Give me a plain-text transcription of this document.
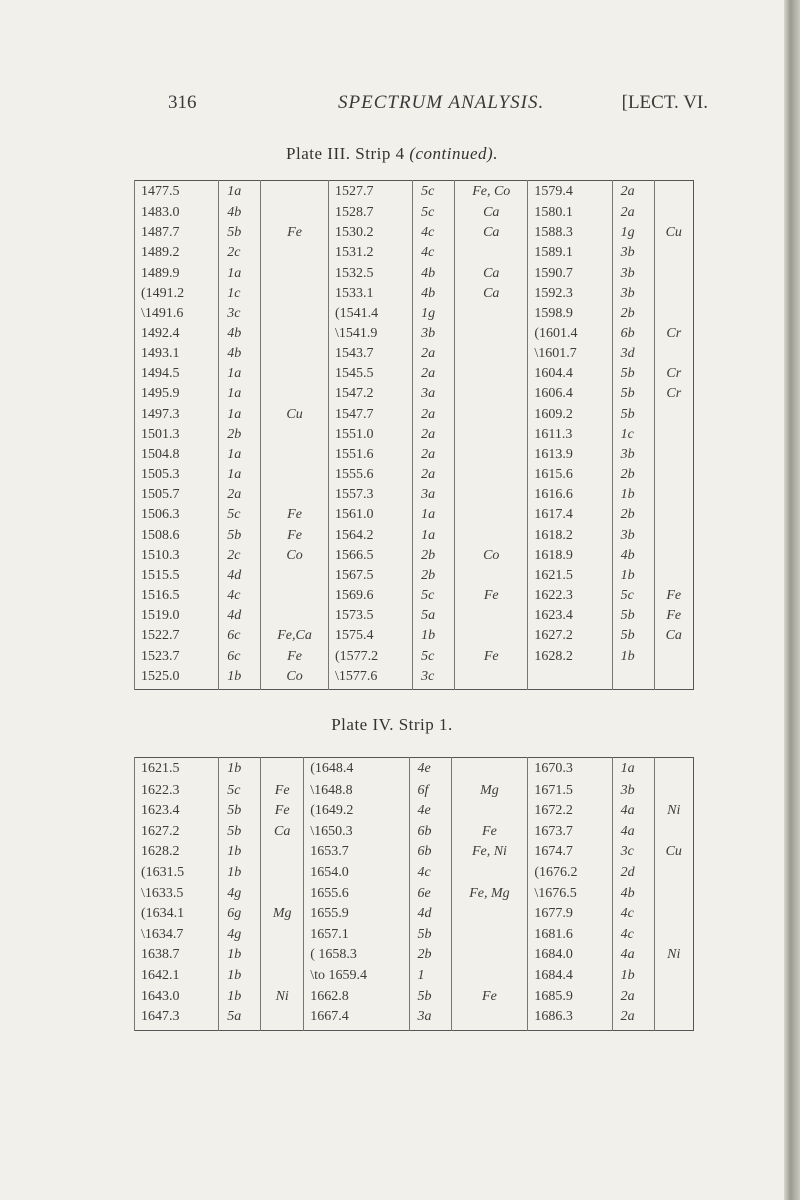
316	SPECTRUM ANALYSIS.	[LECT. VI.
Plate III. Strip 4 (continued).
1477.5	1a		1527.7	5c	Fe, Co	1579.4	2a	
1483.0	4b		1528.7	5c	Ca	1580.1	2a	
1487.7	5b	Fe	1530.2	4c	Ca	1588.3	1g	Cu
1489.2	2c		1531.2	4c		1589.1	3b	
1489.9	1a		1532.5	4b	Ca	1590.7	3b	
(1491.2	1c		1533.1	4b	Ca	1592.3	3b	
\1491.6	3c		(1541.4	1g		1598.9	2b	
1492.4	4b		\1541.9	3b		(1601.4	6b	Cr
1493.1	4b		1543.7	2a		\1601.7	3d	
1494.5	1a		1545.5	2a		1604.4	5b	Cr
1495.9	1a		1547.2	3a		1606.4	5b	Cr
1497.3	1a	Cu	1547.7	2a		1609.2	5b	
1501.3	2b		1551.0	2a		1611.3	1c	
1504.8	1a		1551.6	2a		1613.9	3b	
1505.3	1a		1555.6	2a		1615.6	2b	
1505.7	2a		1557.3	3a		1616.6	1b	
1506.3	5c	Fe	1561.0	1a		1617.4	2b	
1508.6	5b	Fe	1564.2	1a		1618.2	3b	
1510.3	2c	Co	1566.5	2b	Co	1618.9	4b	
1515.5	4d		1567.5	2b		1621.5	1b	
1516.5	4c		1569.6	5c	Fe	1622.3	5c	Fe
1519.0	4d		1573.5	5a		1623.4	5b	Fe
1522.7	6c	Fe,Ca	1575.4	1b		1627.2	5b	Ca
1523.7	6c	Fe	(1577.2	5c	Fe	1628.2	1b	
1525.0	1b	Co	\1577.6	3c				
Plate IV. Strip 1.
1621.5	1b		(1648.4	4e		1670.3	1a	
1622.3	5c	Fe	\1648.8	6f	Mg	1671.5	3b	
1623.4	5b	Fe	(1649.2	4e		1672.2	4a	Ni
1627.2	5b	Ca	\1650.3	6b	Fe	1673.7	4a	
1628.2	1b		1653.7	6b	Fe, Ni	1674.7	3c	Cu
(1631.5	1b		1654.0	4c		(1676.2	2d	
\1633.5	4g		1655.6	6e	Fe, Mg	\1676.5	4b	
(1634.1	6g	Mg	1655.9	4d		1677.9	4c	
\1634.7	4g		1657.1	5b		1681.6	4c	
1638.7	1b		( 1658.3	2b		1684.0	4a	Ni
1642.1	1b		\to 1659.4	1		1684.4	1b	
1643.0	1b	Ni	1662.8	5b	Fe	1685.9	2a	
1647.3	5a		1667.4	3a		1686.3	2a	
